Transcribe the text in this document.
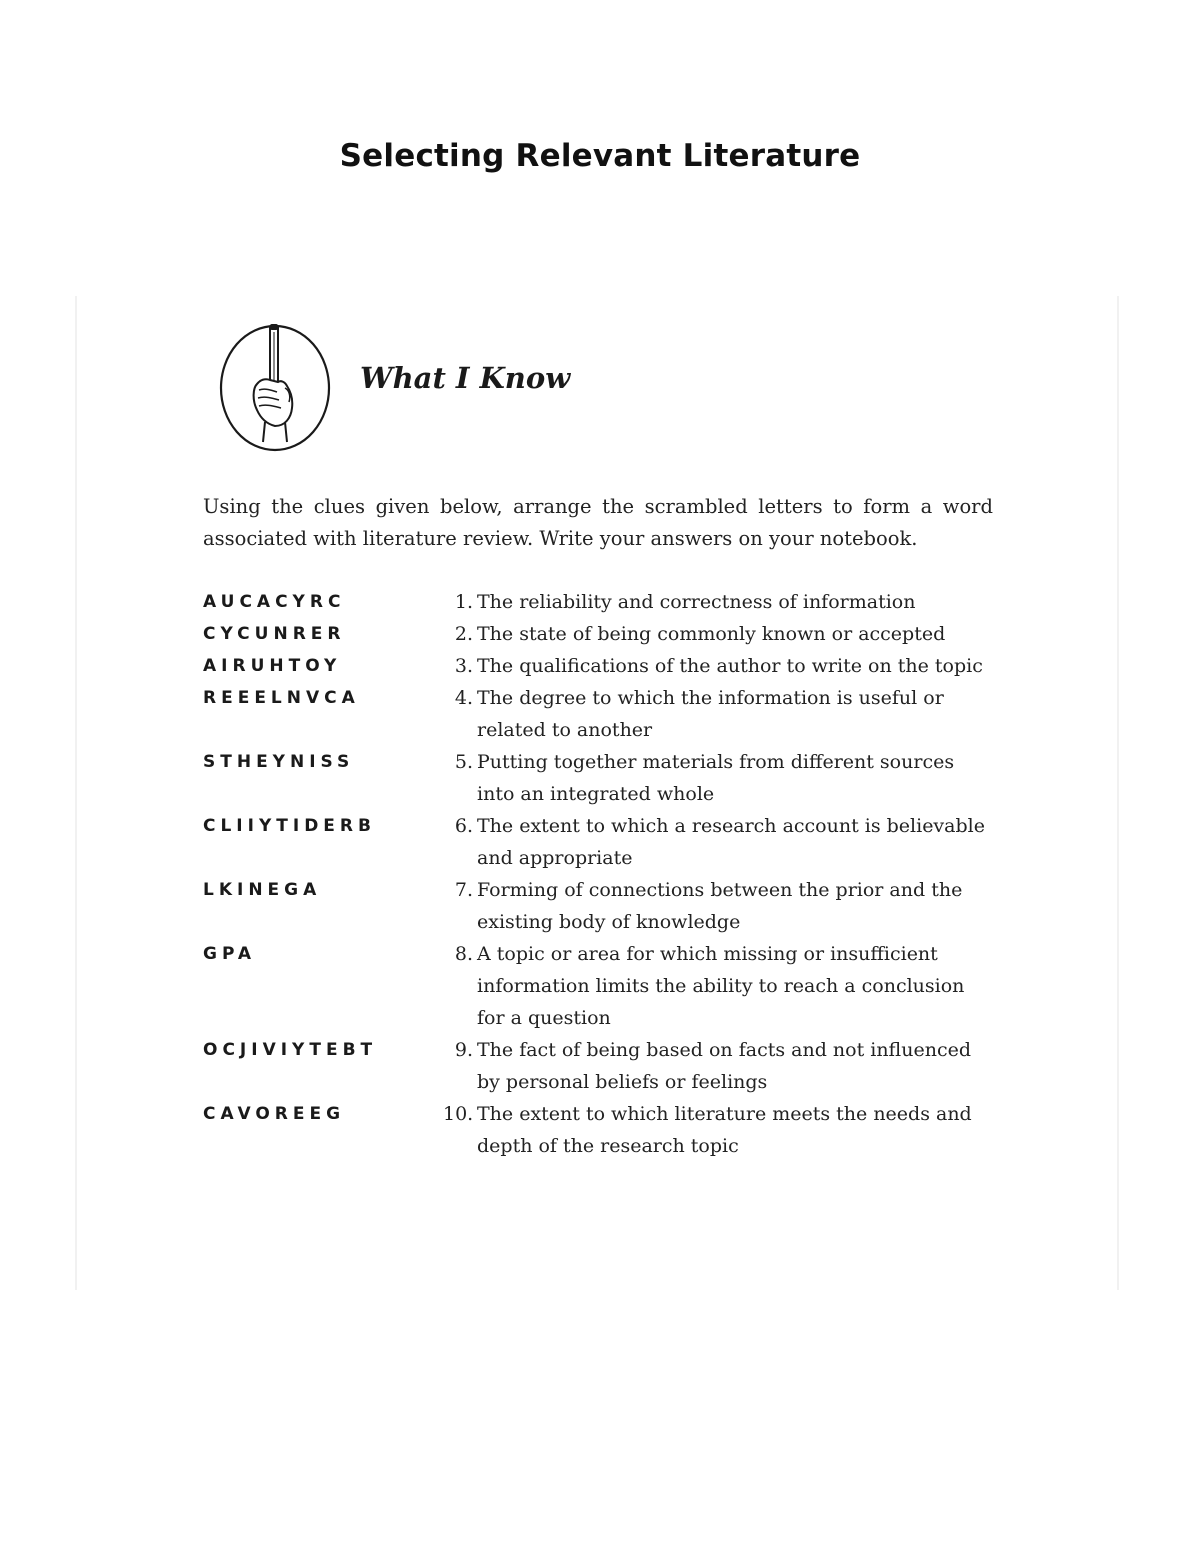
Selecting Relevant Literature
What I Know

Using the clues given below, arrange the scrambled letters to form a word associated with literature review. Write your answers on your notebook.

AUCACYRC	1. The reliability and correctness of information
CYCUNRER	2. The state of being commonly known or accepted
AIRUHTOY	3. The qualifications of the author to write on the topic
REEELNVCA	4. The degree to which the information is useful or related to another
STHEYNISS	5. Putting together materials from different sources into an integrated whole
CLIIYTIDERB	6. The extent to which a research account is believable and appropriate
LKINEGA	7. Forming of connections between the prior and the existing body of knowledge
GPA	8. A topic or area for which missing or insufficient information limits the ability to reach a conclusion for a question
OCJIVIYTEBT	9. The fact of being based on facts and not influenced by personal beliefs or feelings
CAVOREEG	10. The extent to which literature meets the needs and depth of the research topic
